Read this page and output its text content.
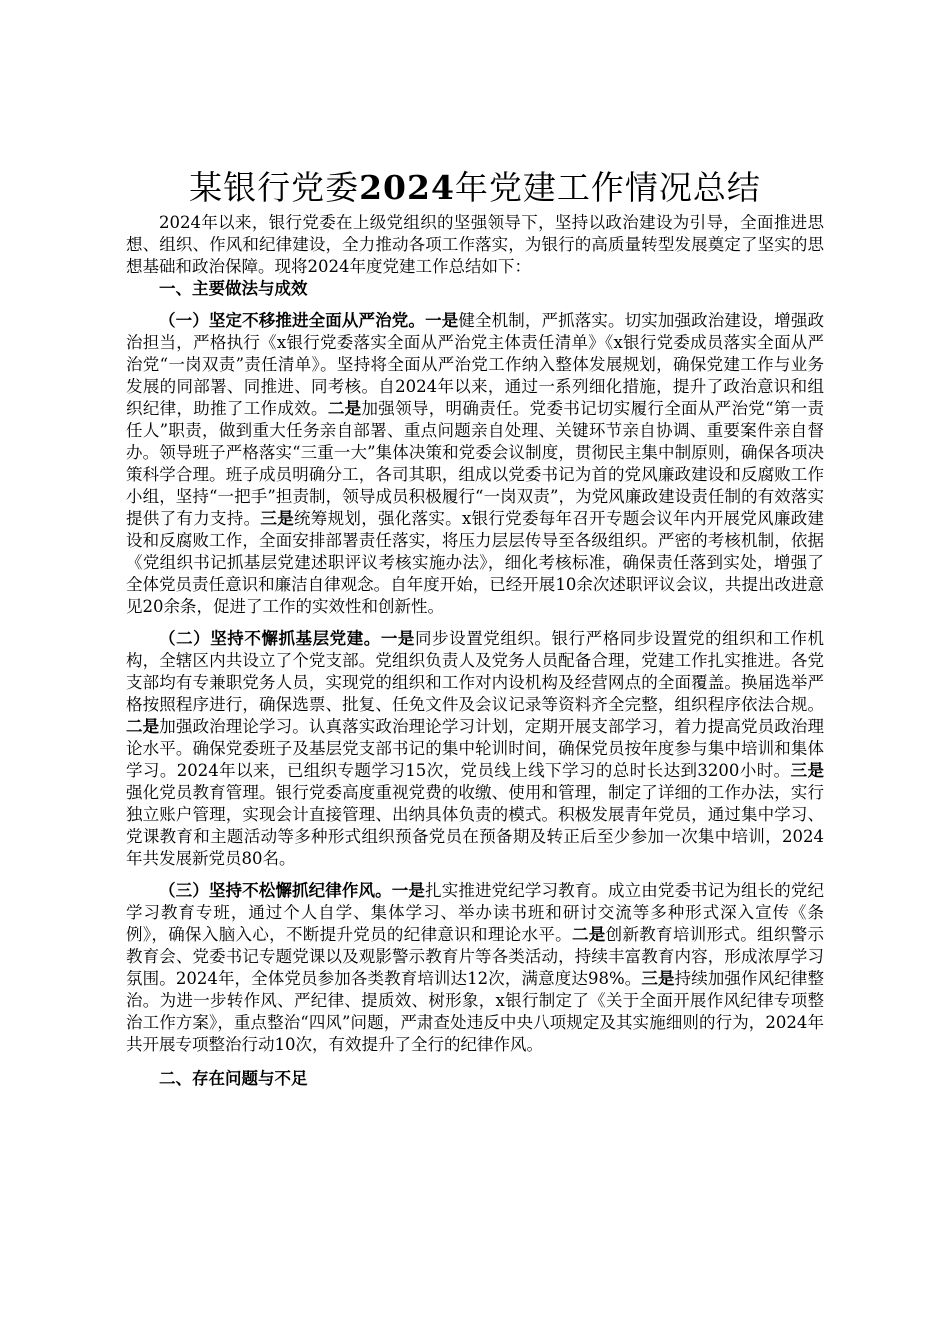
某银行党委2024年党建工作情况总结

2024年以来，银行党委在上级党组织的坚强领导下，坚持以政治建设为引导，全面推进思想、组织、作风和纪律建设，全力推动各项工作落实，为银行的高质量转型发展奠定了坚实的思想基础和政治保障。现将2024年度党建工作总结如下：

一、主要做法与成效

（一）坚定不移推进全面从严治党。一是健全机制，严抓落实。切实加强政治建设，增强政治担当，严格执行《x银行党委落实全面从严治党主体责任清单》《x银行党委成员落实全面从严治党“一岗双责”责任清单》。坚持将全面从严治党工作纳入整体发展规划，确保党建工作与业务发展的同部署、同推进、同考核。自2024年以来，通过一系列细化措施，提升了政治意识和组织纪律，助推了工作成效。二是加强领导，明确责任。党委书记切实履行全面从严治党“第一责任人”职责，做到重大任务亲自部署、重点问题亲自处理、关键环节亲自协调、重要案件亲自督办。领导班子严格落实“三重一大”集体决策和党委会议制度，贯彻民主集中制原则，确保各项决策科学合理。班子成员明确分工，各司其职，组成以党委书记为首的党风廉政建设和反腐败工作小组，坚持“一把手”担责制，领导成员积极履行“一岗双责”，为党风廉政建设责任制的有效落实提供了有力支持。三是统筹规划，强化落实。x银行党委每年召开专题会议年内开展党风廉政建设和反腐败工作，全面安排部署责任落实，将压力层层传导至各级组织。严密的考核机制，依据《党组织书记抓基层党建述职评议考核实施办法》，细化考核标准，确保责任落到实处，增强了全体党员责任意识和廉洁自律观念。自年度开始，已经开展10余次述职评议会议，共提出改进意见20余条，促进了工作的实效性和创新性。

（二）坚持不懈抓基层党建。一是同步设置党组织。银行严格同步设置党的组织和工作机构，全辖区内共设立了个党支部。党组织负责人及党务人员配备合理，党建工作扎实推进。各党支部均有专兼职党务人员，实现党的组织和工作对内设机构及经营网点的全面覆盖。换届选举严格按照程序进行，确保选票、批复、任免文件及会议记录等资料齐全完整，组织程序依法合规。二是加强政治理论学习。认真落实政治理论学习计划，定期开展支部学习，着力提高党员政治理论水平。确保党委班子及基层党支部书记的集中轮训时间，确保党员按年度参与集中培训和集体学习。2024年以来，已组织专题学习15次，党员线上线下学习的总时长达到3200小时。三是强化党员教育管理。银行党委高度重视党费的收缴、使用和管理，制定了详细的工作办法，实行独立账户管理，实现会计直接管理、出纳具体负责的模式。积极发展青年党员，通过集中学习、党课教育和主题活动等多种形式组织预备党员在预备期及转正后至少参加一次集中培训，2024年共发展新党员80名。

（三）坚持不松懈抓纪律作风。一是扎实推进党纪学习教育。成立由党委书记为组长的党纪学习教育专班，通过个人自学、集体学习、举办读书班和研讨交流等多种形式深入宣传《条例》，确保入脑入心，不断提升党员的纪律意识和理论水平。二是创新教育培训形式。组织警示教育会、党委书记专题党课以及观影警示教育片等各类活动，持续丰富教育内容，形成浓厚学习氛围。2024年，全体党员参加各类教育培训达12次，满意度达98%。三是持续加强作风纪律整治。为进一步转作风、严纪律、提质效、树形象，x银行制定了《关于全面开展作风纪律专项整治工作方案》，重点整治“四风”问题，严肃查处违反中央八项规定及其实施细则的行为，2024年共开展专项整治行动10次，有效提升了全行的纪律作风。

二、存在问题与不足
